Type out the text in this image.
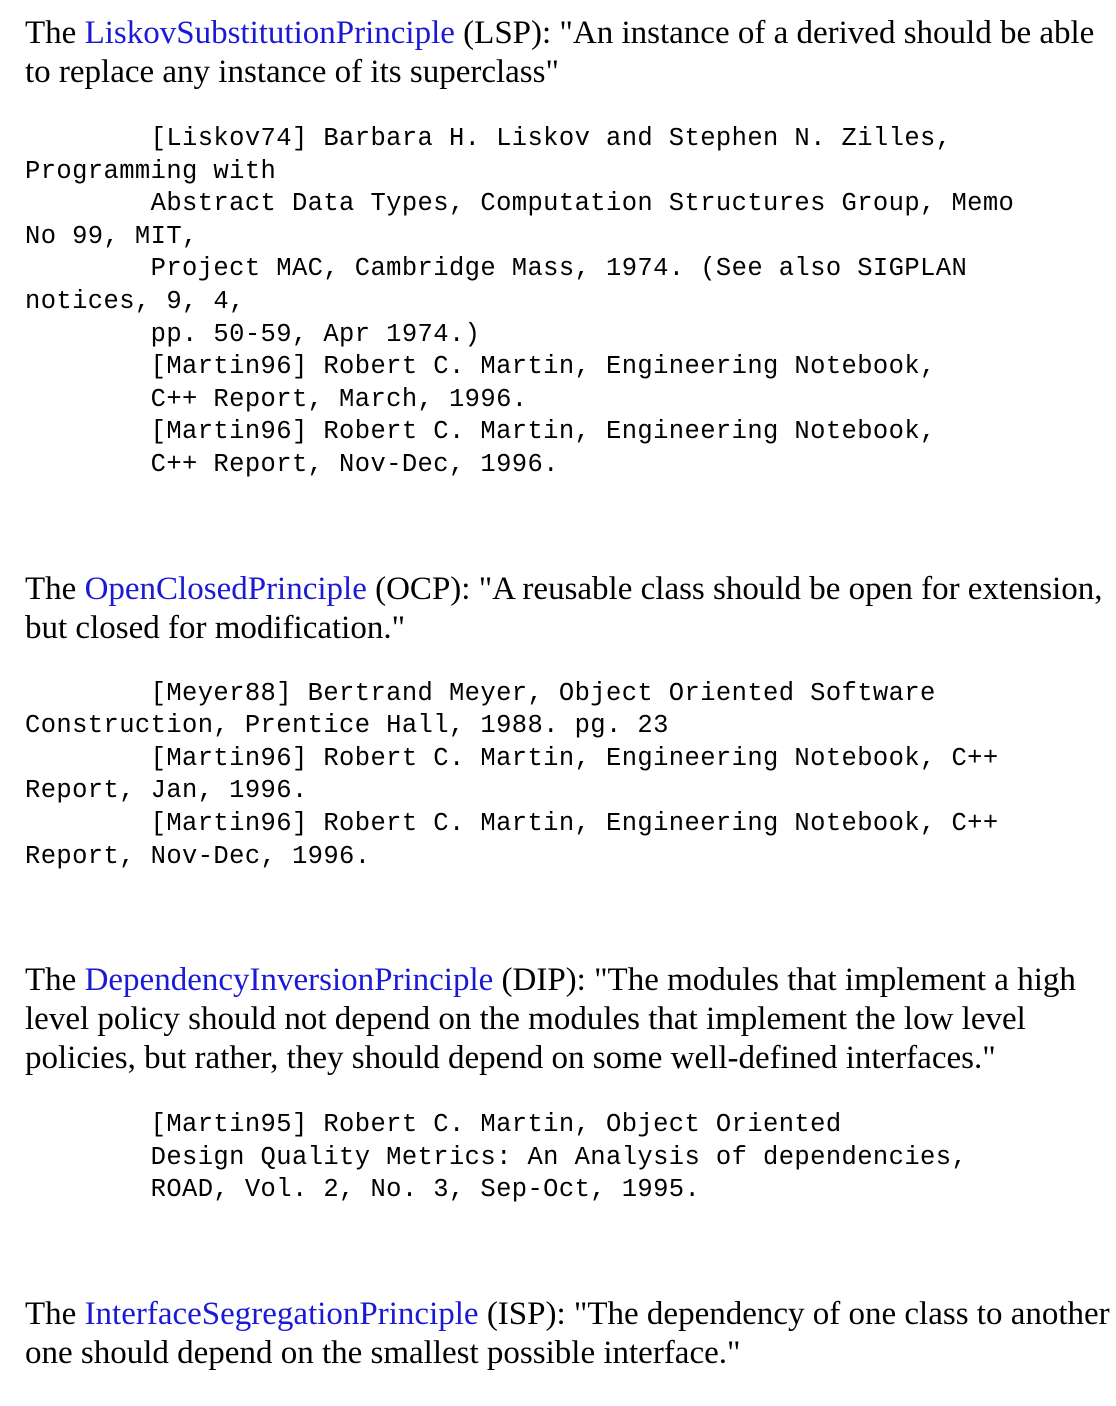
The LiskovSubstitutionPrinciple (LSP): "An instance of a derived should be able to replace any instance of its superclass"

[Liskov74] Barbara H. Liskov and Stephen N. Zilles,
Programming with
Abstract Data Types, Computation Structures Group, Memo
No 99, MIT,
Project MAC, Cambridge Mass, 1974. (See also SIGPLAN
notices, 9, 4,
pp. 50-59, Apr 1974.)
[Martin96] Robert C. Martin, Engineering Notebook,
C++ Report, March, 1996.
[Martin96] Robert C. Martin, Engineering Notebook,
C++ Report, Nov-Dec, 1996.

The OpenClosedPrinciple (OCP): "A reusable class should be open for extension, but closed for modification."

[Meyer88] Bertrand Meyer, Object Oriented Software
Construction, Prentice Hall, 1988. pg. 23
[Martin96] Robert C. Martin, Engineering Notebook, C++
Report, Jan, 1996.
[Martin96] Robert C. Martin, Engineering Notebook, C++
Report, Nov-Dec, 1996.

The DependencyInversionPrinciple (DIP): "The modules that implement a high level policy should not depend on the modules that implement the low level policies, but rather, they should depend on some well-defined interfaces."

[Martin95] Robert C. Martin, Object Oriented
Design Quality Metrics: An Analysis of dependencies,
ROAD, Vol. 2, No. 3, Sep-Oct, 1995.

The InterfaceSegregationPrinciple (ISP): "The dependency of one class to another one should depend on the smallest possible interface."
